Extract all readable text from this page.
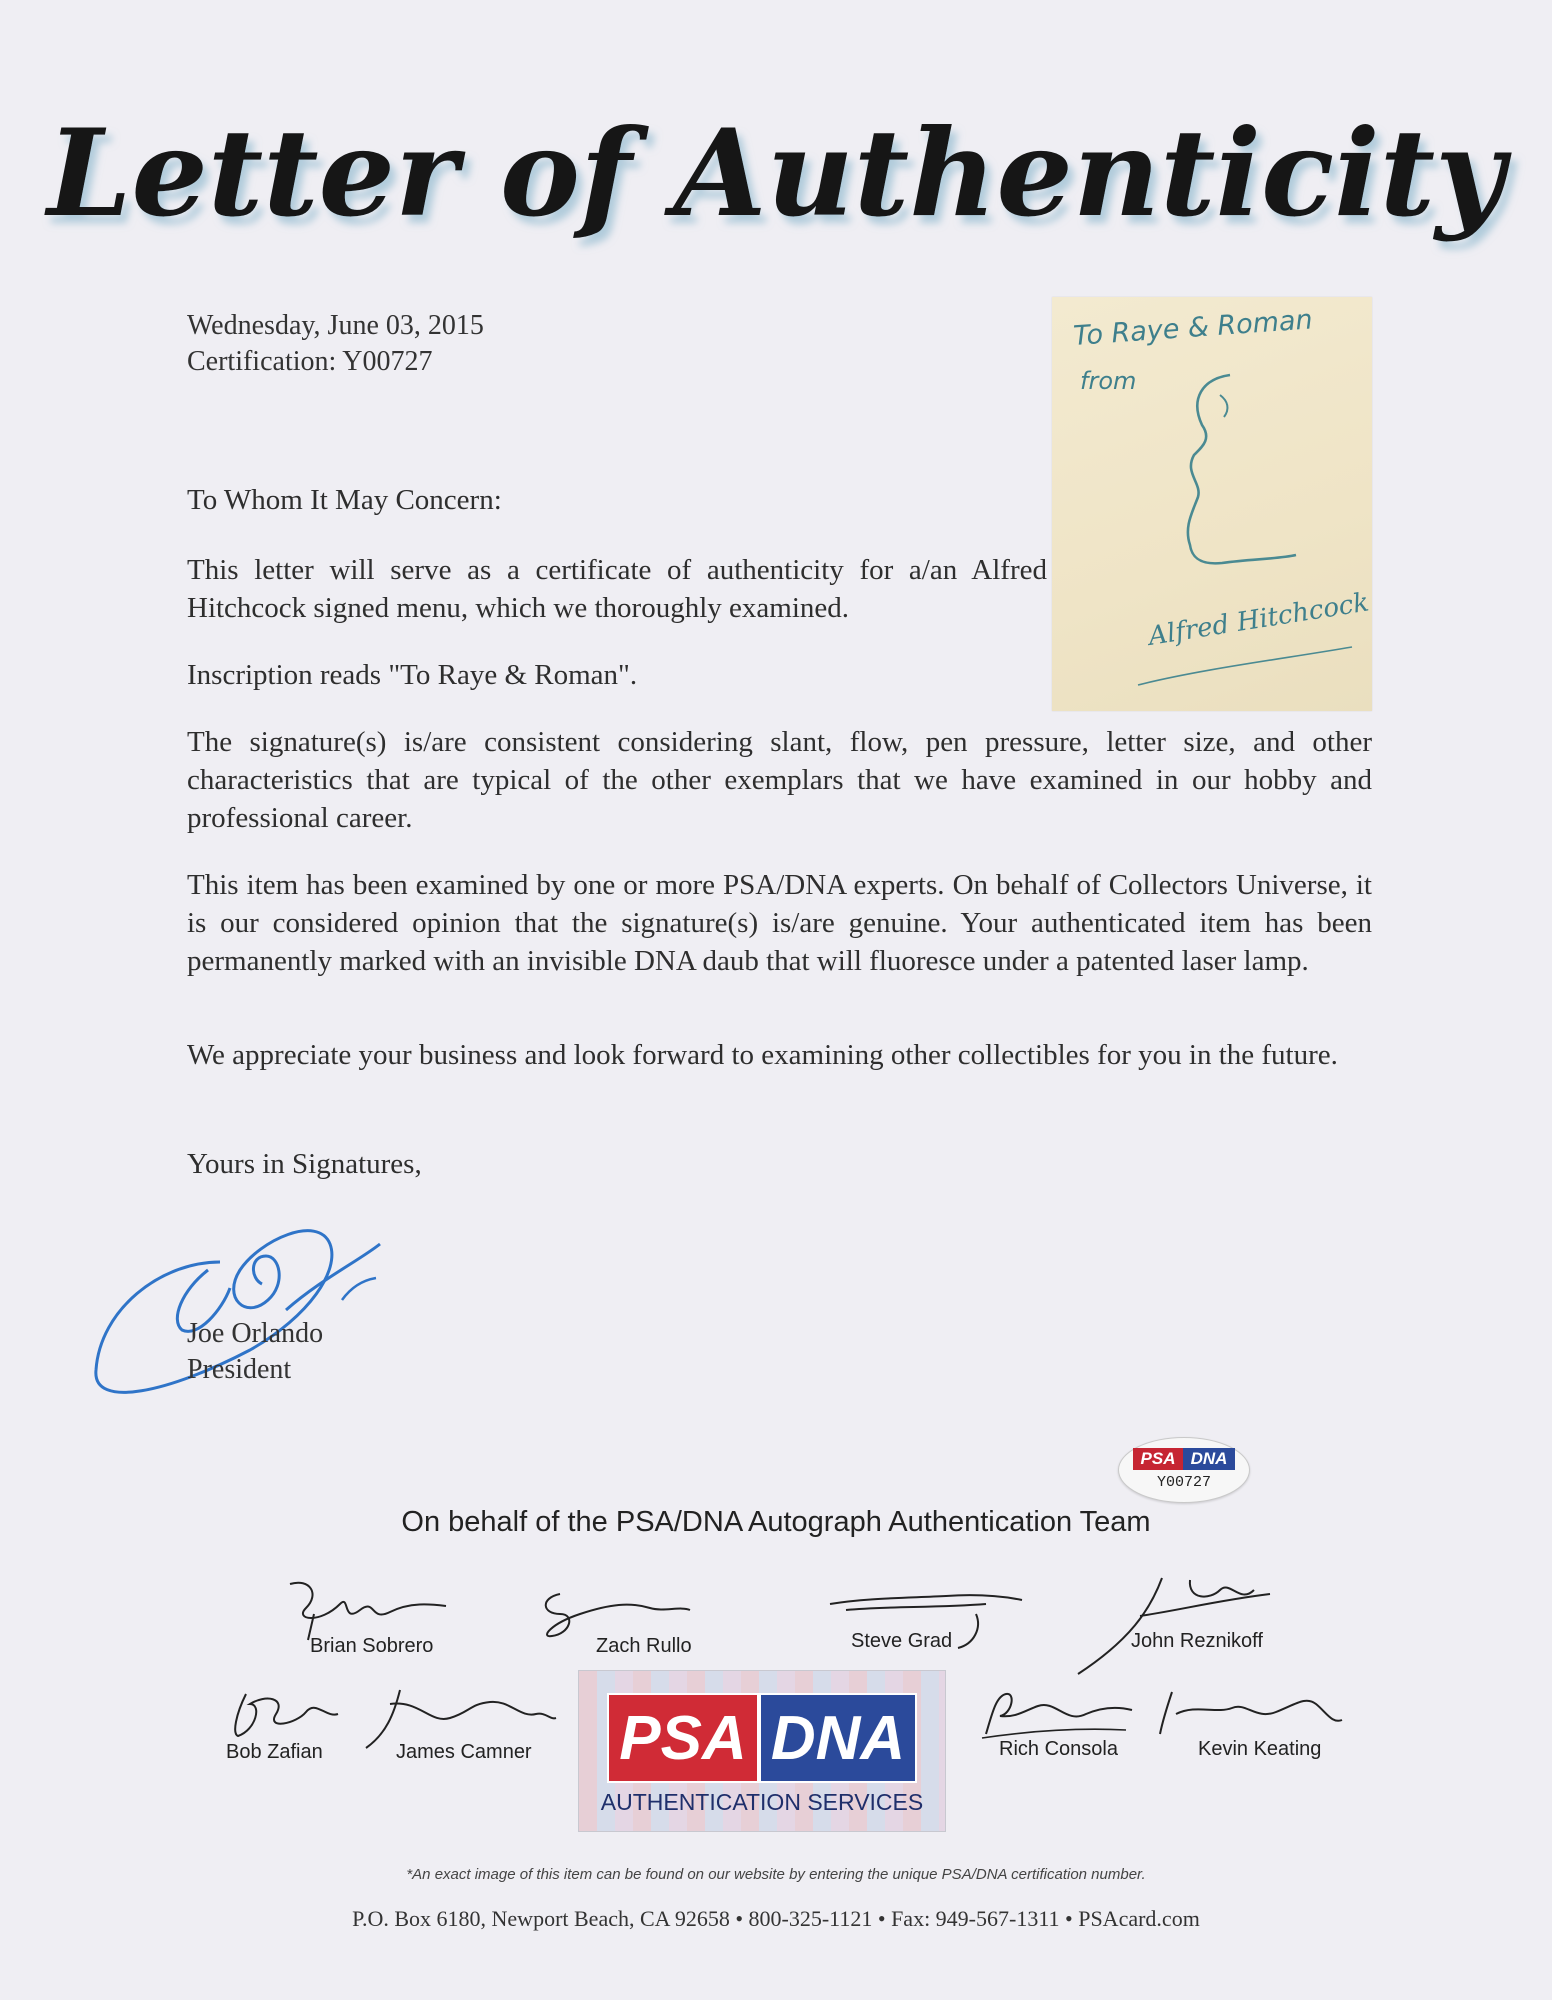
Letter of Authenticity
Wednesday, June 03, 2015
Certification: Y00727
To Raye & Roman
from
Alfred Hitchcock
To Whom It May Concern:
This letter will serve as a certificate of authenticity for a/an Alfred Hitchcock signed menu, which we thoroughly examined.
Inscription reads "To Raye & Roman".
The signature(s) is/are consistent considering slant, flow, pen pressure, letter size, and other characteristics that are typical of the other exemplars that we have examined in our hobby and professional career.
This item has been examined by one or more PSA/DNA experts. On behalf of Collectors Universe, it is our considered opinion that the signature(s) is/are genuine. Your authenticated item has been permanently marked with an invisible DNA daub that will fluoresce under a patented laser lamp.
We appreciate your business and look forward to examining other collectibles for you in the future.
Yours in Signatures,
Joe Orlando
President
PSA DNA
Y00727
On behalf of the PSA/DNA Autograph Authentication Team
Brian Sobrero	Zach Rullo	Steve Grad	John Reznikoff
Bob Zafian	James Camner	Rich Consola	Kevin Keating
PSA DNA
AUTHENTICATION SERVICES
*An exact image of this item can be found on our website by entering the unique PSA/DNA certification number.
P.O. Box 6180, Newport Beach, CA 92658 • 800-325-1121 • Fax: 949-567-1311 • PSAcard.com
